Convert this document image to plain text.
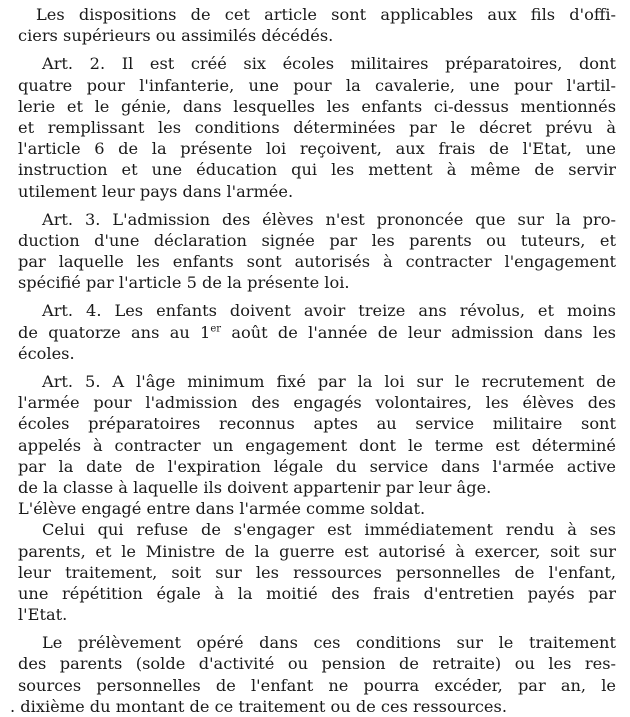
Les dispositions de cet article sont applicables aux fils d'offi-
ciers supérieurs ou assimilés décédés.
Art. 2. Il est créé six écoles militaires préparatoires, dont
quatre pour l'infanterie, une pour la cavalerie, une pour l'artil-
lerie et le génie, dans lesquelles les enfants ci-dessus mentionnés
et remplissant les conditions déterminées par le décret prévu à
l'article 6 de la présente loi reçoivent, aux frais de l'Etat, une
instruction et une éducation qui les mettent à même de servir
utilement leur pays dans l'armée.
Art. 3. L'admission des élèves n'est prononcée que sur la pro-
duction d'une déclaration signée par les parents ou tuteurs, et
par laquelle les enfants sont autorisés à contracter l'engagement
spécifié par l'article 5 de la présente loi.
Art. 4. Les enfants doivent avoir treize ans révolus, et moins
de quatorze ans au 1er août de l'année de leur admission dans les
écoles.
Art. 5. A l'âge minimum fixé par la loi sur le recrutement de
l'armée pour l'admission des engagés volontaires, les élèves des
écoles préparatoires reconnus aptes au service militaire sont
appelés à contracter un engagement dont le terme est déterminé
par la date de l'expiration légale du service dans l'armée active
de la classe à laquelle ils doivent appartenir par leur âge.
L'élève engagé entre dans l'armée comme soldat.
Celui qui refuse de s'engager est immédiatement rendu à ses
parents, et le Ministre de la guerre est autorisé à exercer, soit sur
leur traitement, soit sur les ressources personnelles de l'enfant,
une répétition égale à la moitié des frais d'entretien payés par
l'Etat.
Le prélèvement opéré dans ces conditions sur le traitement
des parents (solde d'activité ou pension de retraite) ou les res-
sources personnelles de l'enfant ne pourra excéder, par an, le
. dixième du montant de ce traitement ou de ces ressources.
